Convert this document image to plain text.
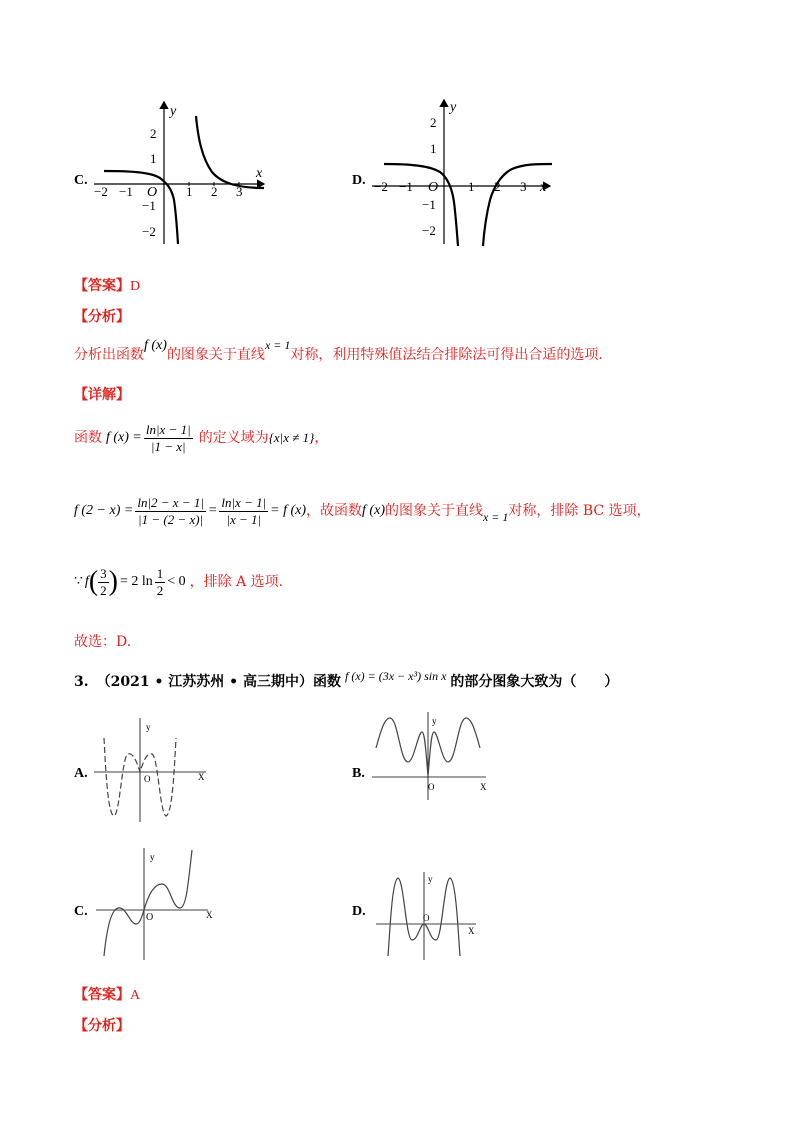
C.	x
y
−2 −1 O 1 2 3
2
1
−1
−2
D.	x
y
−2 −1 O 1 2 3
2
1
−1
−2
【答案】D
【分析】
分析出函数f (x)的图象关于直线x = 1对称，利用特殊值法结合排除法可得出合适的选项.
【详解】
函数 f $(x) = \frac{\ln|x - 1|}{|1 - x|}$ 的定义域为 {x|x ≠ 1} ，
f $(2 - x) = \frac{\ln|2 - x - 1|}{|1 - (2 - x)|} = \frac{\ln|x - 1|}{|x - 1|} = f$ (x) ，故函数 f (x) 的图象关于直线 x = 1 对称，排除 BC 选项，
∵ f ( $\frac{3}{2}$ ) = 2 $\ln \frac{1}{2} < 0$ ，排除 A 选项.
故选：D.
3. （2021 • 江苏苏州 • 高三期中）函数 f (x) = (3x − x³) sin x 的部分图象大致为（　　）
A.
y
X
O	B.
y
X
O
C.
y
X
O	D.
y
X
O
【答案】A
【分析】
